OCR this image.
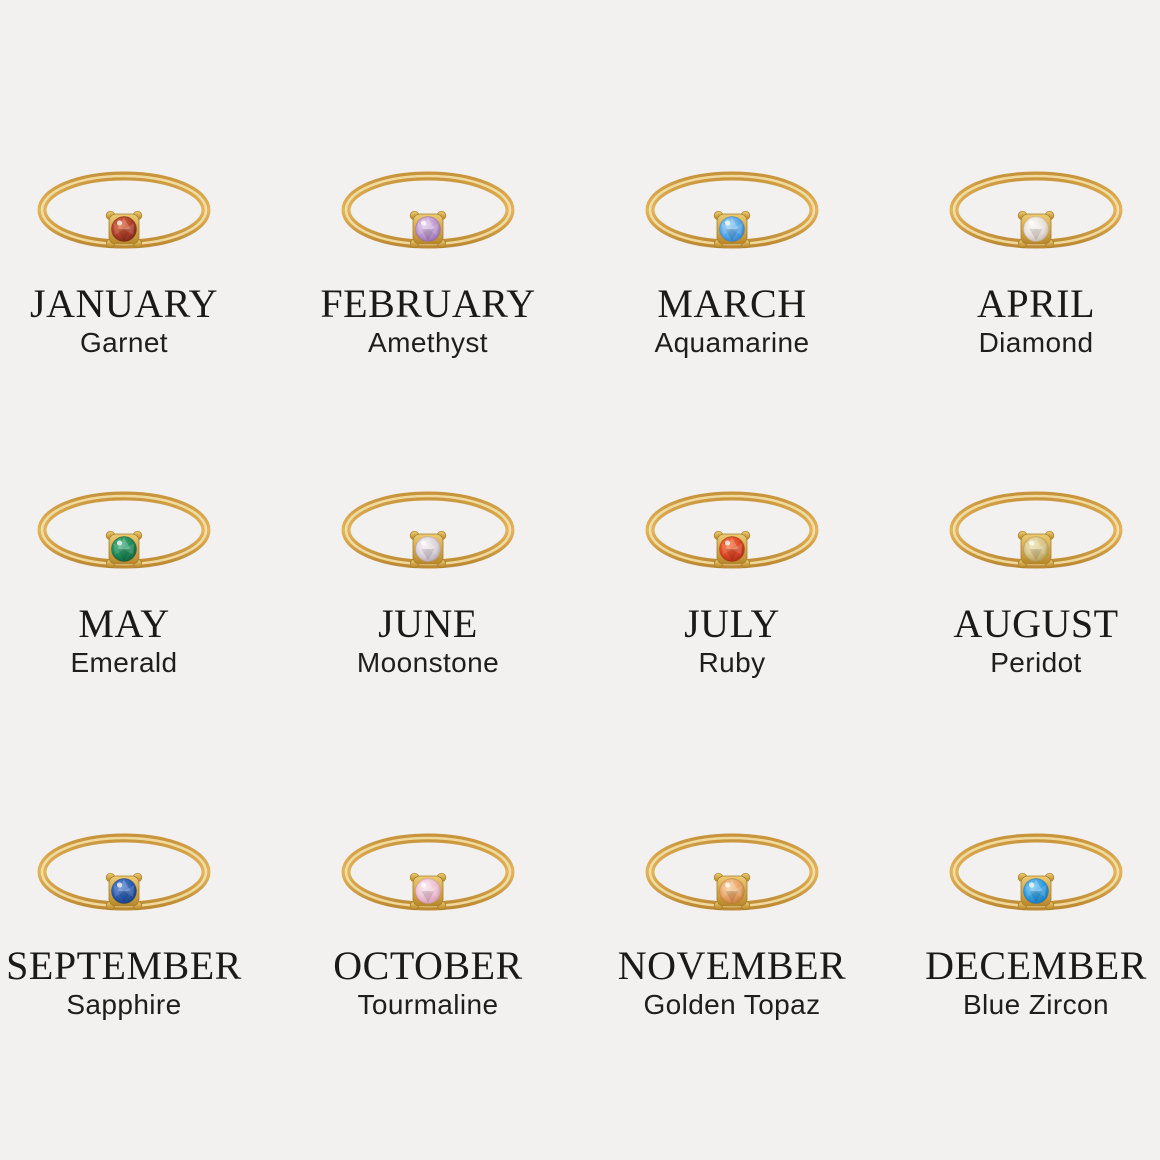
JANUARY
Garnet
FEBRUARY
Amethyst
MARCH
Aquamarine
APRIL
Diamond
MAY
Emerald
JUNE
Moonstone
JULY
Ruby
AUGUST
Peridot
SEPTEMBER
Sapphire
OCTOBER
Tourmaline
NOVEMBER
Golden Topaz
DECEMBER
Blue Zircon
